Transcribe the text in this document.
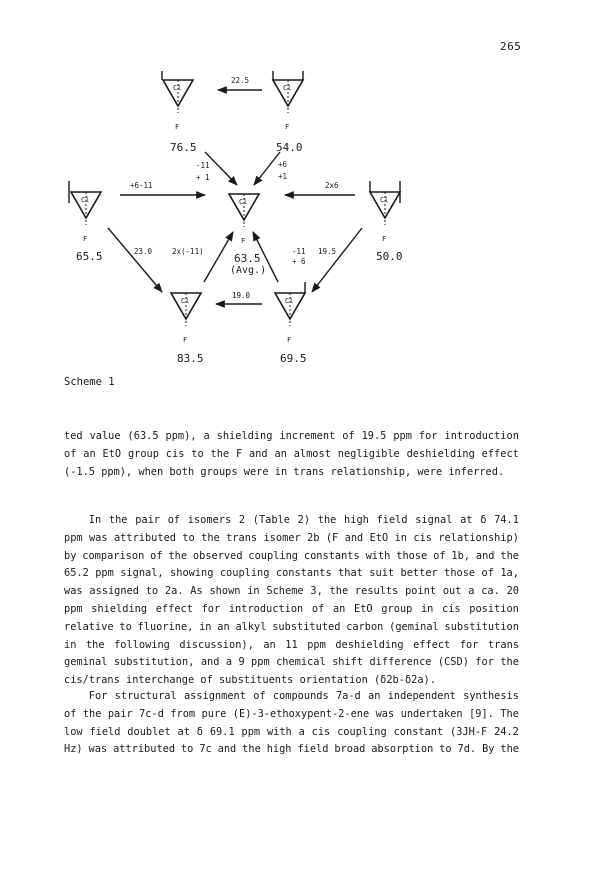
265
Cl
F
Cl
F
Cl
F
Cl
F
Cl
F
Cl
F
Cl
F
76.5	54.0
65.5	63.5
(Avg.)
50.0
83.5	69.5
22.5
-11
+ 1
+6
+1
+6-11	2x6
23.0	2x(-11)	-11
+ 6
19.5
19.0
Scheme 1
ted value (63.5 ppm), a shielding increment of 19.5 ppm for introduction
of an EtO group cis to the F and an almost negligible deshielding effect
(-1.5 ppm), when both groups were in trans relationship, were inferred.
In the pair of isomers 2 (Table 2) the high field signal at δ 74.1
ppm was attributed to the trans isomer 2b (F and EtO in cis relationship)
by comparison of the observed coupling constants with those of 1b, and the
65.2 ppm signal, showing coupling constants that suit better those of 1a,
was assigned to 2a. As shown in Scheme 3, the results point out a ca. 20
ppm shielding effect for introduction of an EtO group in cis position
relative to fluorine, in an alkyl substituted carbon (geminal substitution
in the following discussion), an 11 ppm deshielding effect for trans
geminal substitution, and a 9 ppm chemical shift difference (CSD) for the
cis/trans interchange of substituents orientation (δ2b-δ2a).
For structural assignment of compounds 7a-d an independent synthesis
of the pair 7c-d from pure (E)-3-ethoxypent-2-ene was undertaken [9]. The
low field doublet at δ 69.1 ppm with a cis coupling constant (3JH-F 24.2
Hz) was attributed to 7c and the high field broad absorption to 7d. By the
